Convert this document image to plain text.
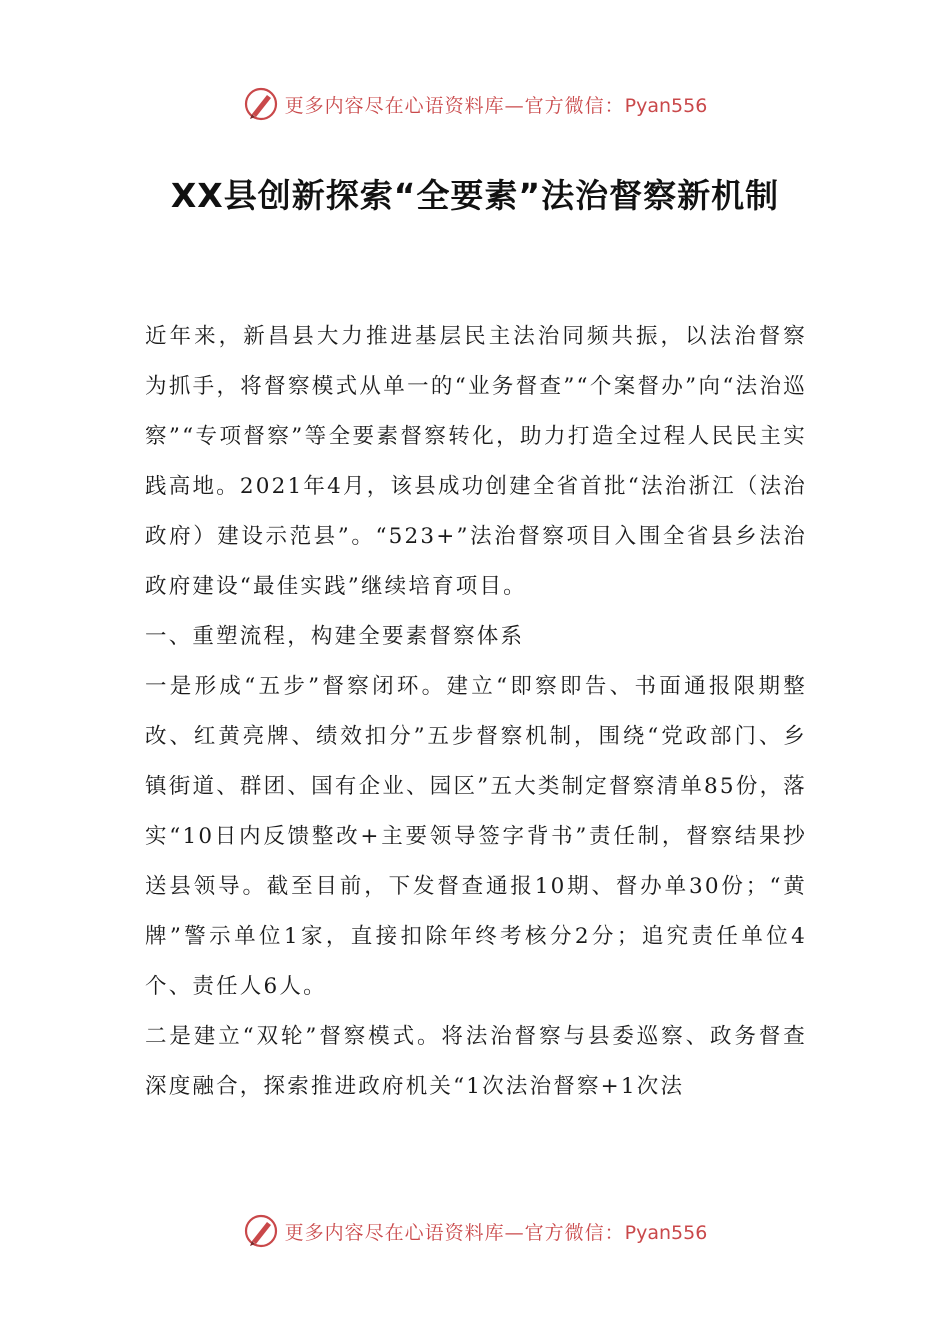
更多内容尽在心语资料库—官方微信：Pyan556
XX县创新探索“全要素”法治督察新机制

近年来，新昌县大力推进基层民主法治同频共振，以法治督察为抓手，将督察模式从单一的“业务督查”“个案督办”向“法治巡察”“专项督察”等全要素督察转化，助力打造全过程人民民主实践高地。2021年4月，该县成功创建全省首批“法治浙江（法治政府）建设示范县”。“523+”法治督察项目入围全省县乡法治政府建设“最佳实践”继续培育项目。

一、重塑流程，构建全要素督察体系

一是形成“五步”督察闭环。建立“即察即告、书面通报限期整改、红黄亮牌、绩效扣分”五步督察机制，围绕“党政部门、乡镇街道、群团、国有企业、园区”五大类制定督察清单85份，落实“10日内反馈整改+主要领导签字背书”责任制，督察结果抄送县领导。截至目前，下发督查通报10期、督办单30份；“黄牌”警示单位1家，直接扣除年终考核分2分；追究责任单位4个、责任人6人。

二是建立“双轮”督察模式。将法治督察与县委巡察、政务督查深度融合，探索推进政府机关“1次法治督察+1次法

更多内容尽在心语资料库—官方微信：Pyan556
